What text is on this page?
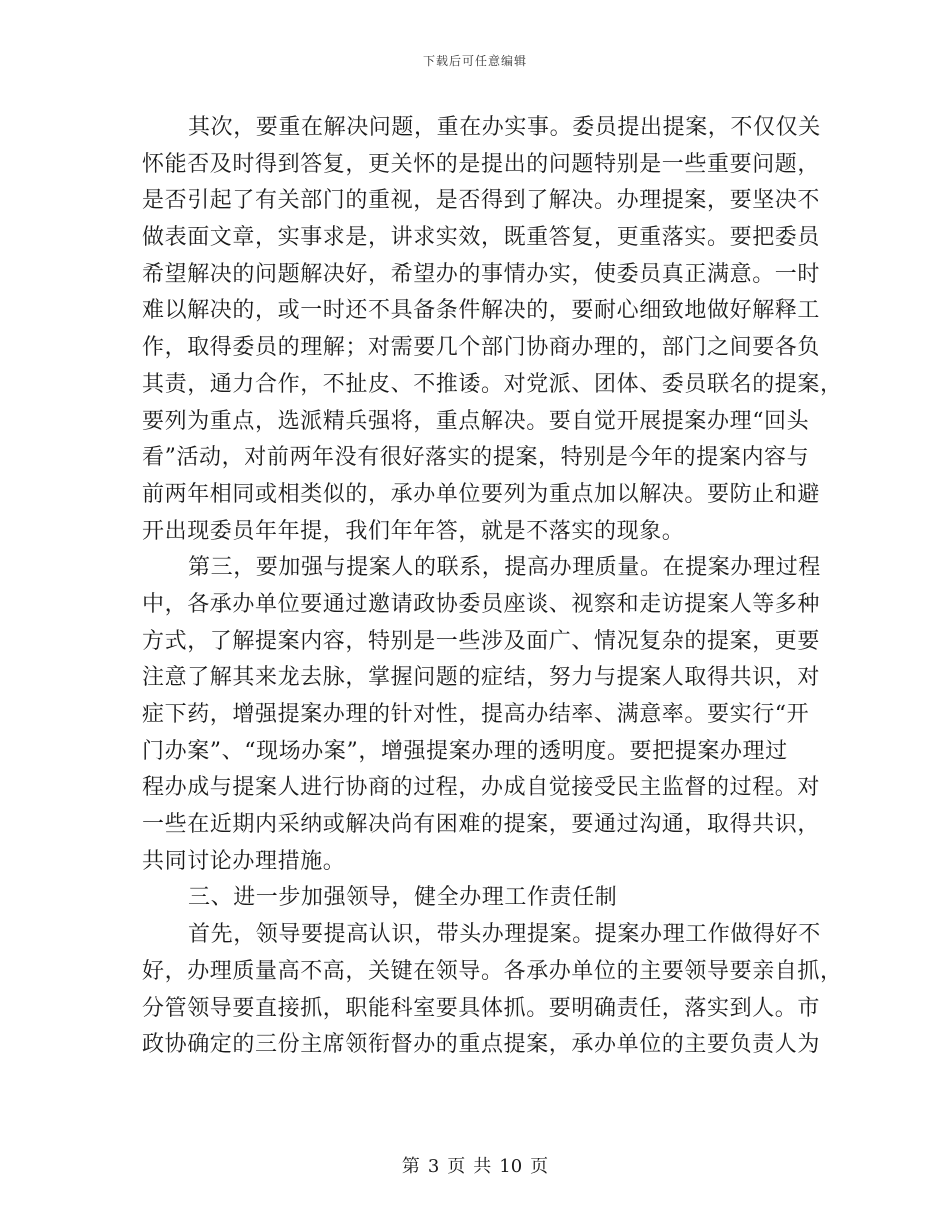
下载后可任意编辑
其次，要重在解决问题，重在办实事。委员提出提案，不仅仅关
怀能否及时得到答复，更关怀的是提出的问题特别是一些重要问题，
是否引起了有关部门的重视，是否得到了解决。办理提案，要坚决不
做表面文章，实事求是，讲求实效，既重答复，更重落实。要把委员
希望解决的问题解决好，希望办的事情办实，使委员真正满意。一时
难以解决的，或一时还不具备条件解决的，要耐心细致地做好解释工
作，取得委员的理解；对需要几个部门协商办理的，部门之间要各负
其责，通力合作，不扯皮、不推诿。对党派、团体、委员联名的提案，
要列为重点，选派精兵强将，重点解决。要自觉开展提案办理“回头
看”活动，对前两年没有很好落实的提案，特别是今年的提案内容与
前两年相同或相类似的，承办单位要列为重点加以解决。要防止和避
开出现委员年年提，我们年年答，就是不落实的现象。
第三，要加强与提案人的联系，提高办理质量。在提案办理过程
中，各承办单位要通过邀请政协委员座谈、视察和走访提案人等多种
方式，了解提案内容，特别是一些涉及面广、情况复杂的提案，更要
注意了解其来龙去脉，掌握问题的症结，努力与提案人取得共识，对
症下药，增强提案办理的针对性，提高办结率、满意率。要实行“开
门办案”、“现场办案”，增强提案办理的透明度。要把提案办理过
程办成与提案人进行协商的过程，办成自觉接受民主监督的过程。对
一些在近期内采纳或解决尚有困难的提案，要通过沟通，取得共识，
共同讨论办理措施。
三、进一步加强领导，健全办理工作责任制
首先，领导要提高认识，带头办理提案。提案办理工作做得好不
好，办理质量高不高，关键在领导。各承办单位的主要领导要亲自抓，
分管领导要直接抓，职能科室要具体抓。要明确责任，落实到人。市
政协确定的三份主席领衔督办的重点提案，承办单位的主要负责人为
第 3 页 共 10 页
